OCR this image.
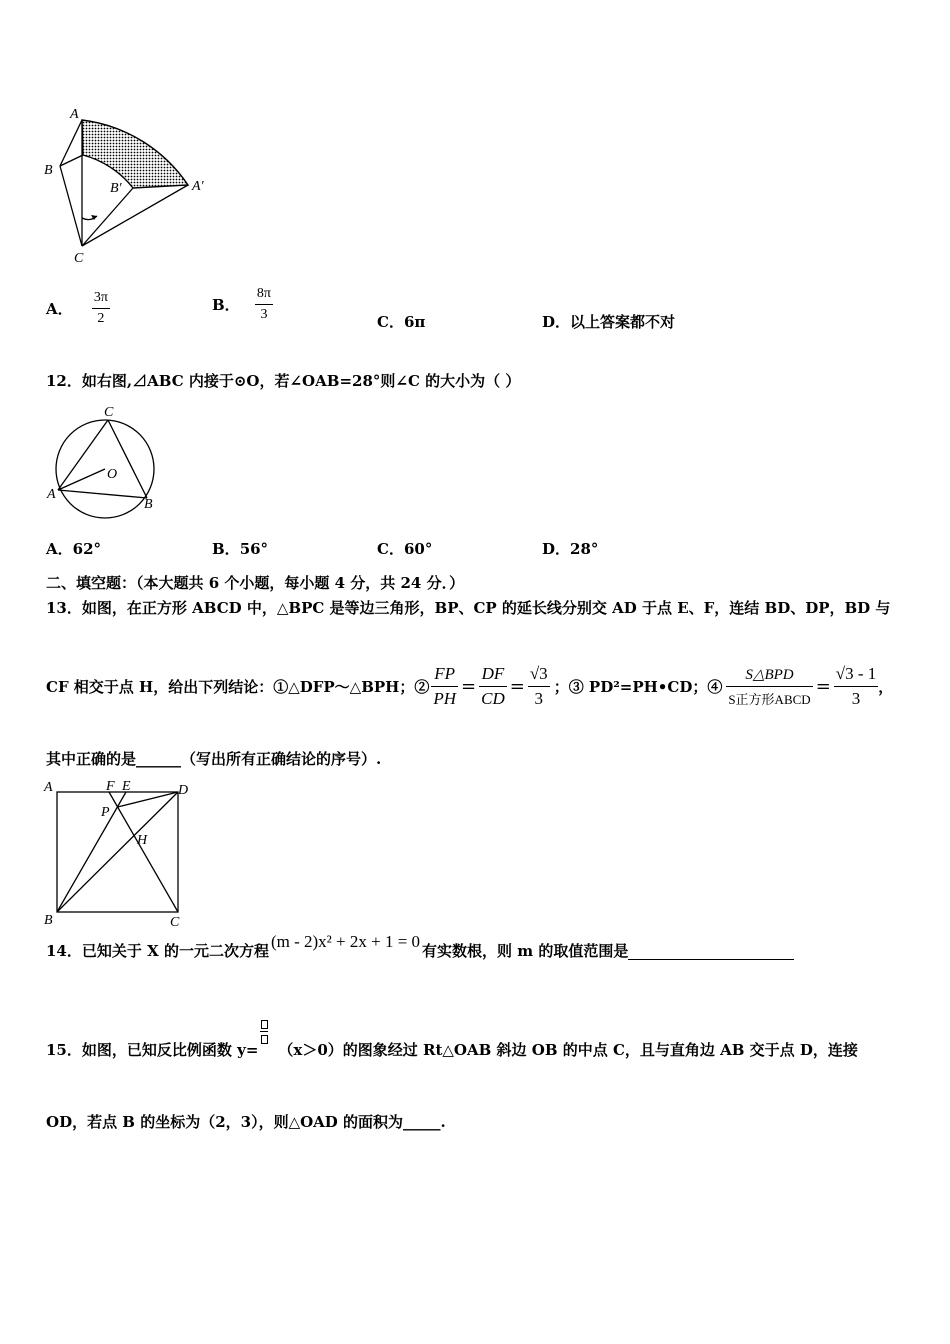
A
B
B′	A′
C
A． $\frac{3\pi}{2}$	B． $\frac{8\pi}{3}$	C．6π	D．以上答案都不对
12．如右图,⊿ABC 内接于⊙O，若∠OAB=28°则∠C 的大小为（ ）
C
O
A
B
A．62°	B．56°	C．60°	D．28°
二、填空题：（本大题共 6 个小题，每小题 4 分，共 24 分．）
13．如图，在正方形 ABCD 中，△BPC 是等边三角形，BP、CP 的延长线分别交 AD 于点 E、F，连结 BD、DP，BD 与
CF 相交于点 H，给出下列结论：①△DFP～△BPH；② $\frac{FP}{PH} = \frac{DF}{CD} = \frac{√3}{3}$ ；③ PD²=PH•CD；④ $\frac{\text{S△BPD}}{\text{S正方形ABCD}} = \frac{√3 - 1}{3}$ ，
其中正确的是______（写出所有正确结论的序号）.
A	F E	D
P
H
B	C
14．已知关于 X 的一元二次方程 (m - 2)x² + 2x + 1 = 0 有实数根，则 m 的取值范围是
15．如图，已知反比例函数 y= （x＞0）的图象经过 Rt△OAB 斜边 OB 的中点 C，且与直角边 AB 交于点 D，连接
OD，若点 B 的坐标为（2，3），则△OAD 的面积为_____.
